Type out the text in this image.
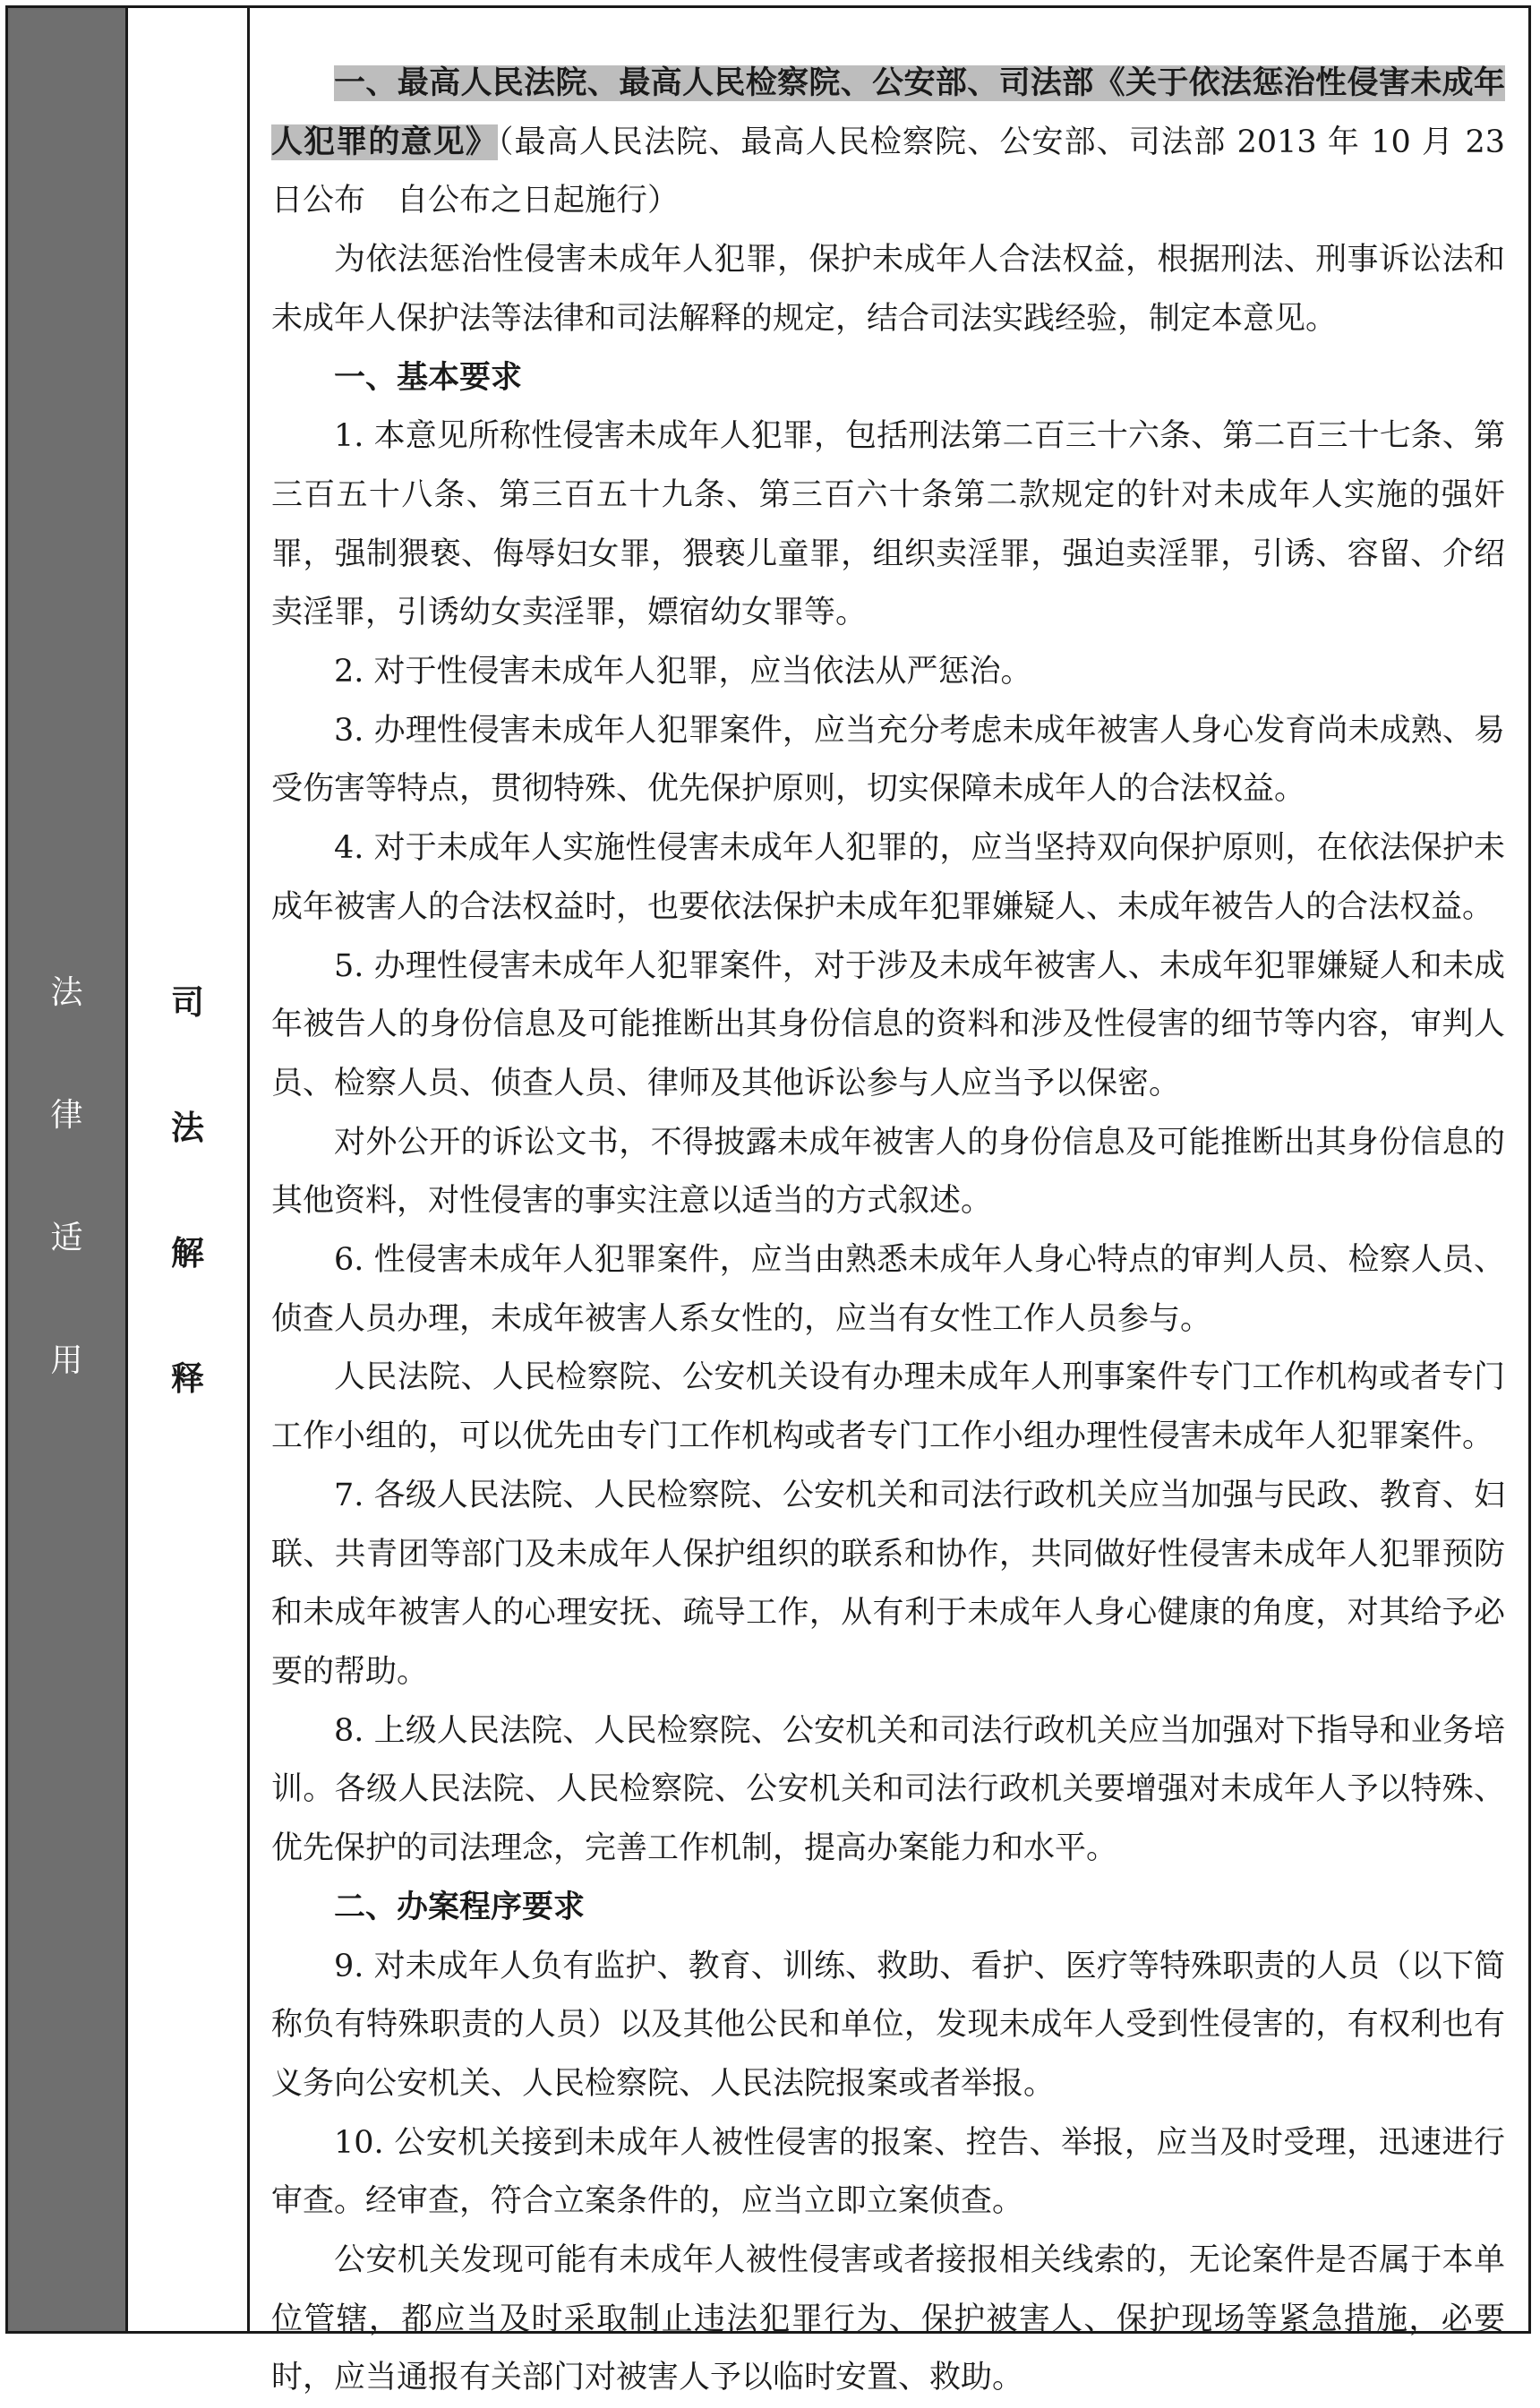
法
律
适
用
司
法
解
释

一、最高人民法院、最高人民检察院、公安部、司法部《关于依法惩治性侵害未成年人犯罪的意见》（最高人民法院、最高人民检察院、公安部、司法部 2013 年 10 月 23 日公布　自公布之日起施行）

为依法惩治性侵害未成年人犯罪，保护未成年人合法权益，根据刑法、刑事诉讼法和未成年人保护法等法律和司法解释的规定，结合司法实践经验，制定本意见。

一、基本要求

1. 本意见所称性侵害未成年人犯罪，包括刑法第二百三十六条、第二百三十七条、第三百五十八条、第三百五十九条、第三百六十条第二款规定的针对未成年人实施的强奸罪，强制猥亵、侮辱妇女罪，猥亵儿童罪，组织卖淫罪，强迫卖淫罪，引诱、容留、介绍卖淫罪，引诱幼女卖淫罪，嫖宿幼女罪等。

2. 对于性侵害未成年人犯罪，应当依法从严惩治。

3. 办理性侵害未成年人犯罪案件，应当充分考虑未成年被害人身心发育尚未成熟、易受伤害等特点，贯彻特殊、优先保护原则，切实保障未成年人的合法权益。

4. 对于未成年人实施性侵害未成年人犯罪的，应当坚持双向保护原则，在依法保护未成年被害人的合法权益时，也要依法保护未成年犯罪嫌疑人、未成年被告人的合法权益。

5. 办理性侵害未成年人犯罪案件，对于涉及未成年被害人、未成年犯罪嫌疑人和未成年被告人的身份信息及可能推断出其身份信息的资料和涉及性侵害的细节等内容，审判人员、检察人员、侦查人员、律师及其他诉讼参与人应当予以保密。

对外公开的诉讼文书，不得披露未成年被害人的身份信息及可能推断出其身份信息的其他资料，对性侵害的事实注意以适当的方式叙述。

6. 性侵害未成年人犯罪案件，应当由熟悉未成年人身心特点的审判人员、检察人员、侦查人员办理，未成年被害人系女性的，应当有女性工作人员参与。

人民法院、人民检察院、公安机关设有办理未成年人刑事案件专门工作机构或者专门工作小组的，可以优先由专门工作机构或者专门工作小组办理性侵害未成年人犯罪案件。

7. 各级人民法院、人民检察院、公安机关和司法行政机关应当加强与民政、教育、妇联、共青团等部门及未成年人保护组织的联系和协作，共同做好性侵害未成年人犯罪预防和未成年被害人的心理安抚、疏导工作，从有利于未成年人身心健康的角度，对其给予必要的帮助。

8. 上级人民法院、人民检察院、公安机关和司法行政机关应当加强对下指导和业务培训。各级人民法院、人民检察院、公安机关和司法行政机关要增强对未成年人予以特殊、优先保护的司法理念，完善工作机制，提高办案能力和水平。

二、办案程序要求

9. 对未成年人负有监护、教育、训练、救助、看护、医疗等特殊职责的人员（以下简称负有特殊职责的人员）以及其他公民和单位，发现未成年人受到性侵害的，有权利也有义务向公安机关、人民检察院、人民法院报案或者举报。

10. 公安机关接到未成年人被性侵害的报案、控告、举报，应当及时受理，迅速进行审查。经审查，符合立案条件的，应当立即立案侦查。

公安机关发现可能有未成年人被性侵害或者接报相关线索的，无论案件是否属于本单位管辖，都应当及时采取制止违法犯罪行为、保护被害人、保护现场等紧急措施，必要时，应当通报有关部门对被害人予以临时安置、救助。
